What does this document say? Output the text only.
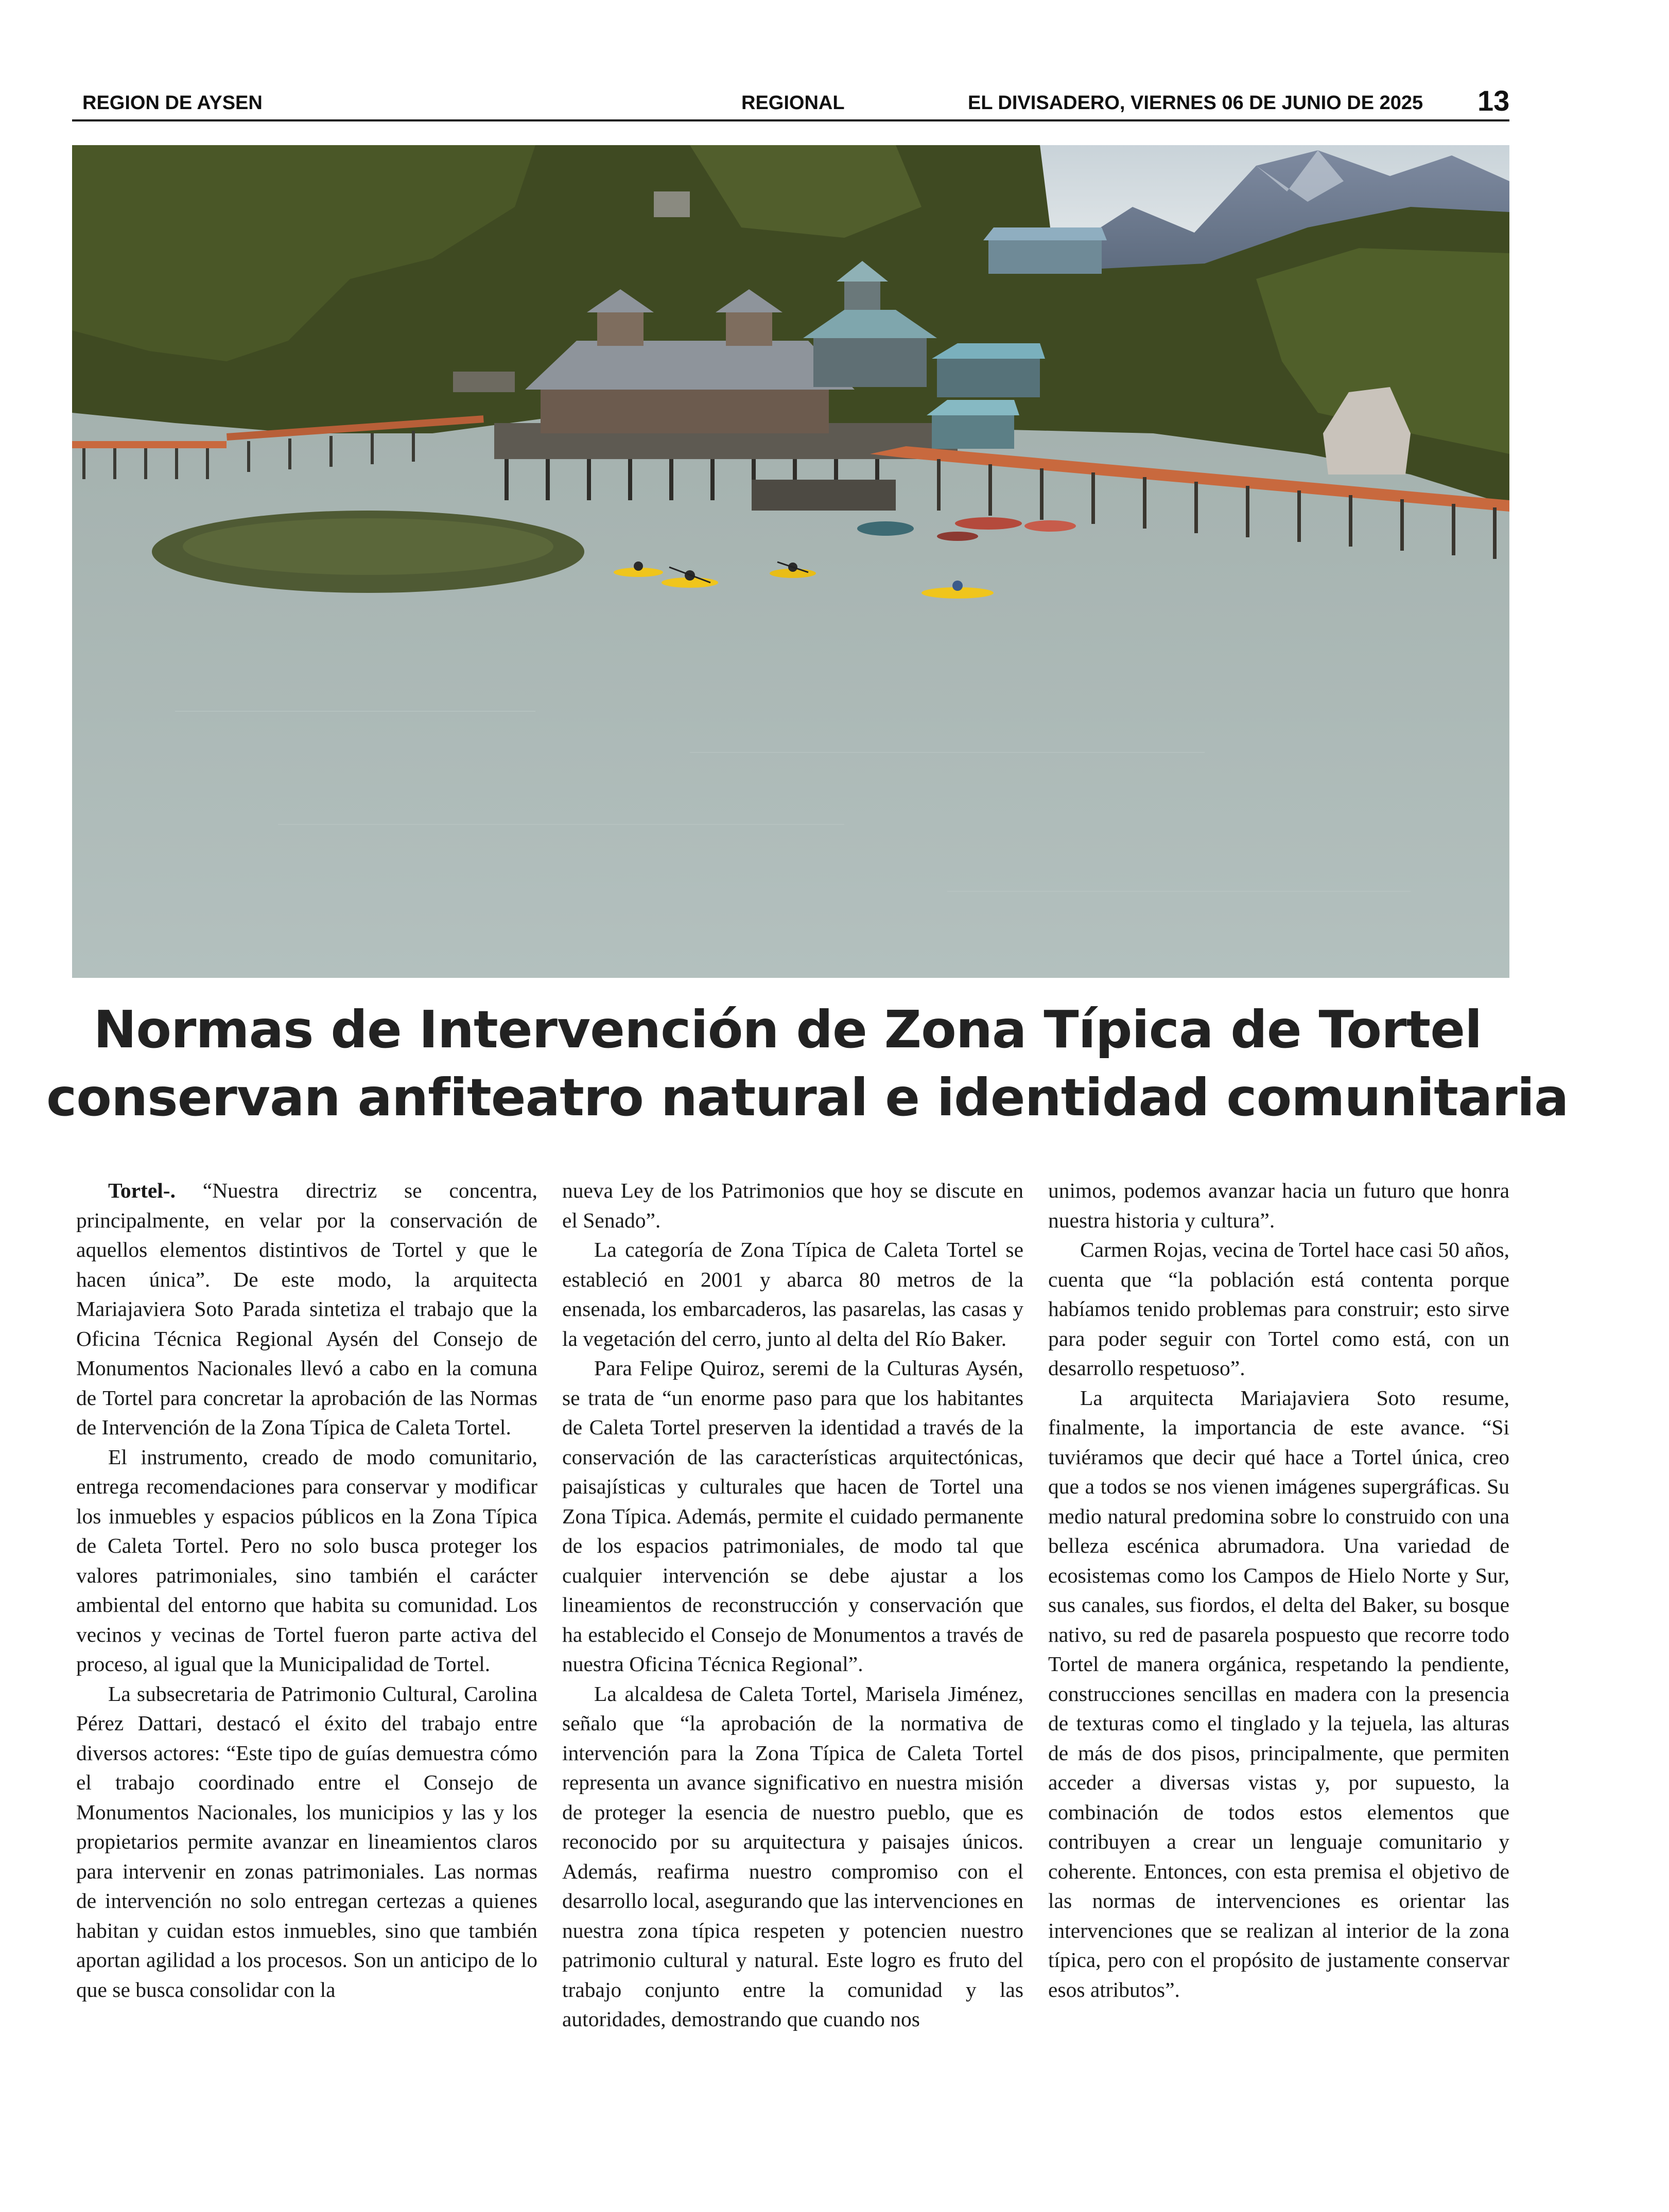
REGION DE AYSEN	REGIONAL	EL DIVISADERO, VIERNES 06 DE JUNIO DE 2025 13
Normas de Intervención de Zona Típica de Tortel
conservan anfiteatro natural e identidad comunitaria

Tortel-. “Nuestra directriz se concentra, principalmente, en velar por la conservación de aquellos elementos distintivos de Tortel y que le hacen única”. De este modo, la arquitecta Mariajaviera Soto Parada sintetiza el trabajo que la Oficina Técnica Regional Aysén del Consejo de Monumentos Nacionales llevó a cabo en la comuna de Tortel para concretar la aprobación de las Normas de Intervención de la Zona Típica de Caleta Tortel.

El instrumento, creado de modo comunitario, entrega recomendaciones para conservar y modificar los inmuebles y espacios públicos en la Zona Típica de Caleta Tortel. Pero no solo busca proteger los valores patrimoniales, sino también el carácter ambiental del entorno que habita su comunidad. Los vecinos y vecinas de Tortel fueron parte activa del proceso, al igual que la Municipalidad de Tortel.

La subsecretaria de Patrimonio Cultural, Carolina Pérez Dattari, destacó el éxito del trabajo entre diversos actores: “Este tipo de guías demuestra cómo el trabajo coordinado entre el Consejo de Monumentos Nacionales, los municipios y las y los propietarios permite avanzar en lineamientos claros para intervenir en zonas patrimoniales. Las normas de intervención no solo entregan certezas a quienes habitan y cuidan estos inmuebles, sino que también aportan agilidad a los procesos. Son un anticipo de lo que se busca consolidar con la

nueva Ley de los Patrimonios que hoy se discute en el Senado”.

La categoría de Zona Típica de Caleta Tortel se estableció en 2001 y abarca 80 metros de la ensenada, los embarcaderos, las pasarelas, las casas y la vegetación del cerro, junto al delta del Río Baker.

Para Felipe Quiroz, seremi de la Culturas Aysén, se trata de “un enorme paso para que los habitantes de Caleta Tortel preserven la identidad a través de la conservación de las características arquitectónicas, paisajísticas y culturales que hacen de Tortel una Zona Típica. Además, permite el cuidado permanente de los espacios patrimoniales, de modo tal que cualquier intervención se debe ajustar a los lineamientos de reconstrucción y conservación que ha establecido el Consejo de Monumentos a través de nuestra Oficina Técnica Regional”.

La alcaldesa de Caleta Tortel, Marisela Jiménez, señalo que “la aprobación de la normativa de intervención para la Zona Típica de Caleta Tortel representa un avance significativo en nuestra misión de proteger la esencia de nuestro pueblo, que es reconocido por su arquitectura y paisajes únicos. Además, reafirma nuestro compromiso con el desarrollo local, asegurando que las intervenciones en nuestra zona típica respeten y potencien nuestro patrimonio cultural y natural. Este logro es fruto del trabajo conjunto entre la comunidad y las autoridades, demostrando que cuando nos

unimos, podemos avanzar hacia un futuro que honra nuestra historia y cultura”.

Carmen Rojas, vecina de Tortel hace casi 50 años, cuenta que “la población está contenta porque habíamos tenido problemas para construir; esto sirve para poder seguir con Tortel como está, con un desarrollo respetuoso”.

La arquitecta Mariajaviera Soto resume, finalmente, la importancia de este avance. “Si tuviéramos que decir qué hace a Tortel única, creo que a todos se nos vienen imágenes supergráficas. Su medio natural predomina sobre lo construido con una belleza escénica abrumadora. Una variedad de ecosistemas como los Campos de Hielo Norte y Sur, sus canales, sus fiordos, el delta del Baker, su bosque nativo, su red de pasarela pospuesto que recorre todo Tortel de manera orgánica, respetando la pendiente, construcciones sencillas en madera con la presencia de texturas como el tinglado y la tejuela, las alturas de más de dos pisos, principalmente, que permiten acceder a diversas vistas y, por supuesto, la combinación de todos estos elementos que contribuyen a crear un lenguaje comunitario y coherente. Entonces, con esta premisa el objetivo de las normas de intervenciones es orientar las intervenciones que se realizan al interior de la zona típica, pero con el propósito de justamente conservar esos atributos”.
